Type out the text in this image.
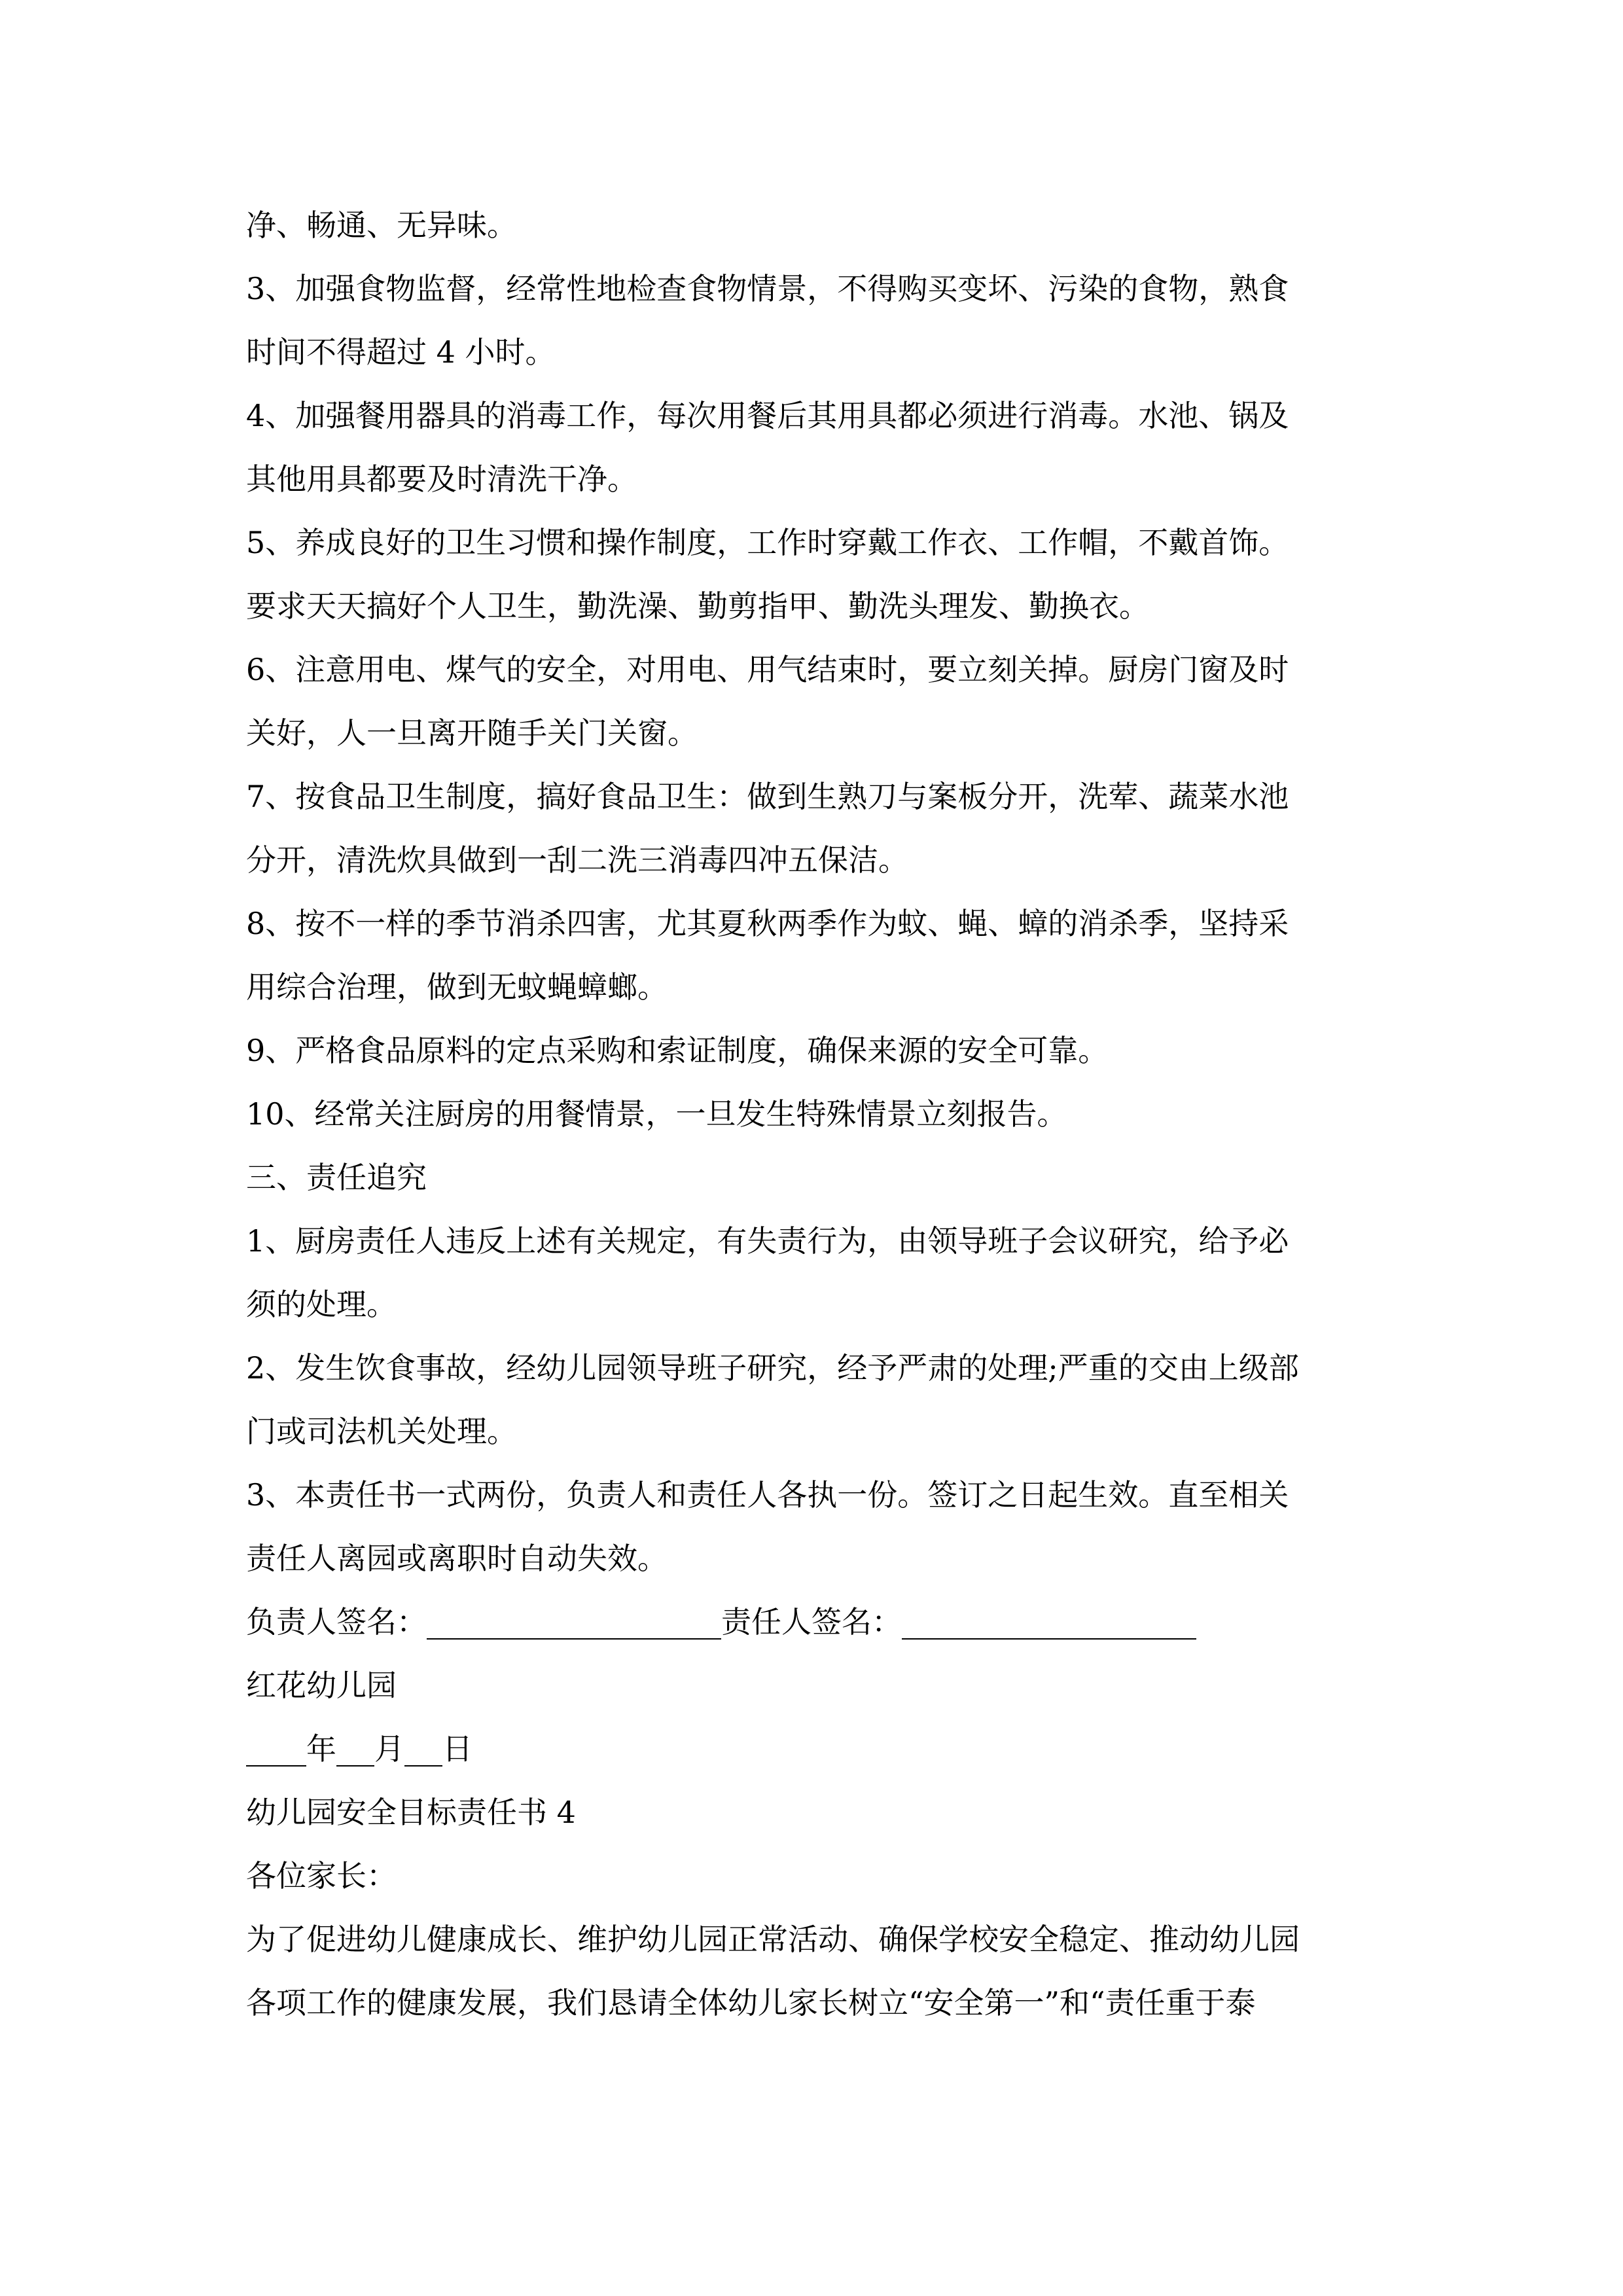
净、畅通、无异味。
3、加强食物监督，经常性地检查食物情景，不得购买变坏、污染的食物，熟食
时间不得超过 4 小时。
4、加强餐用器具的消毒工作，每次用餐后其用具都必须进行消毒。水池、锅及
其他用具都要及时清洗干净。
5、养成良好的卫生习惯和操作制度，工作时穿戴工作衣、工作帽，不戴首饰。
要求天天搞好个人卫生，勤洗澡、勤剪指甲、勤洗头理发、勤换衣。
6、注意用电、煤气的安全，对用电、用气结束时，要立刻关掉。厨房门窗及时
关好，人一旦离开随手关门关窗。
7、按食品卫生制度，搞好食品卫生：做到生熟刀与案板分开，洗荤、蔬菜水池
分开，清洗炊具做到一刮二洗三消毒四冲五保洁。
8、按不一样的季节消杀四害，尤其夏秋两季作为蚊、蝇、蟑的消杀季，坚持采
用综合治理，做到无蚊蝇蟑螂。
9、严格食品原料的定点采购和索证制度，确保来源的安全可靠。
10、经常关注厨房的用餐情景，一旦发生特殊情景立刻报告。
三、责任追究
1、厨房责任人违反上述有关规定，有失责行为，由领导班子会议研究，给予必
须的处理。
2、发生饮食事故，经幼儿园领导班子研究，经予严肃的处理;严重的交由上级部
门或司法机关处理。
3、本责任书一式两份，负责人和责任人各执一份。签订之日起生效。直至相关
责任人离园或离职时自动失效。
负责人签名：	责任人签名：
红花幼儿园
年 月 日
幼儿园安全目标责任书 4
各位家长：
为了促进幼儿健康成长、维护幼儿园正常活动、确保学校安全稳定、推动幼儿园
各项工作的健康发展，我们恳请全体幼儿家长树立“安全第一”和“责任重于泰
